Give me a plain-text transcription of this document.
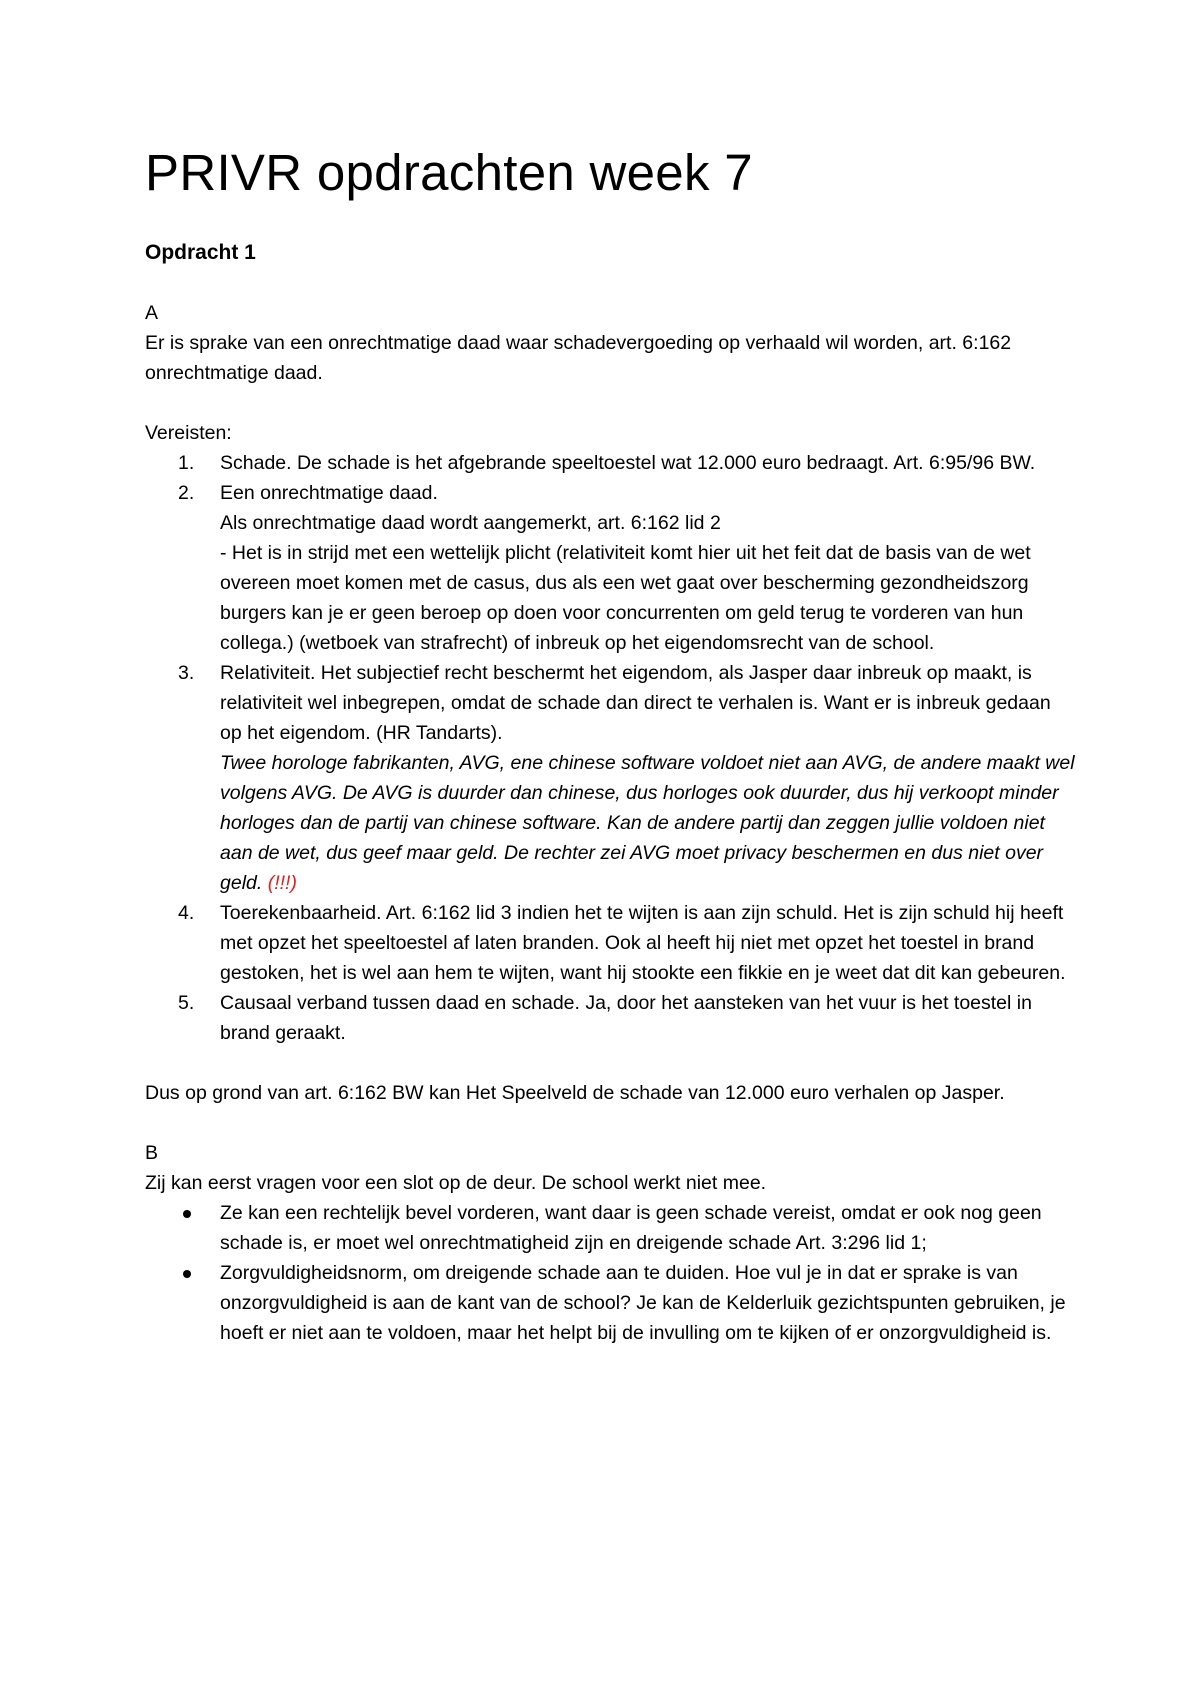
PRIVR opdrachten week 7
Opdracht 1
A
Er is sprake van een onrechtmatige daad waar schadevergoeding op verhaald wil worden, art. 6:162 onrechtmatige daad.
Vereisten:
1. Schade. De schade is het afgebrande speeltoestel wat 12.000 euro bedraagt. Art. 6:95/96 BW.
2. Een onrechtmatige daad.
Als onrechtmatige daad wordt aangemerkt, art. 6:162 lid 2
- Het is in strijd met een wettelijk plicht (relativiteit komt hier uit het feit dat de basis van de wet overeen moet komen met de casus, dus als een wet gaat over bescherming gezondheidszorg burgers kan je er geen beroep op doen voor concurrenten om geld terug te vorderen van hun collega.) (wetboek van strafrecht) of inbreuk op het eigendomsrecht van de school.
3. Relativiteit. Het subjectief recht beschermt het eigendom, als Jasper daar inbreuk op maakt, is relativiteit wel inbegrepen, omdat de schade dan direct te verhalen is. Want er is inbreuk gedaan op het eigendom. (HR Tandarts).
Twee horologe fabrikanten, AVG, ene chinese software voldoet niet aan AVG, de andere maakt wel volgens AVG. De AVG is duurder dan chinese, dus horloges ook duurder, dus hij verkoopt minder horloges dan de partij van chinese software. Kan de andere partij dan zeggen jullie voldoen niet aan de wet, dus geef maar geld. De rechter zei AVG moet privacy beschermen en dus niet over geld. (!!!)
4. Toerekenbaarheid. Art. 6:162 lid 3 indien het te wijten is aan zijn schuld. Het is zijn schuld hij heeft met opzet het speeltoestel af laten branden. Ook al heeft hij niet met opzet het toestel in brand gestoken, het is wel aan hem te wijten, want hij stookte een fikkie en je weet dat dit kan gebeuren.
5. Causaal verband tussen daad en schade. Ja, door het aansteken van het vuur is het toestel in brand geraakt.
Dus op grond van art. 6:162 BW kan Het Speelveld de schade van 12.000 euro verhalen op Jasper.
B
Zij kan eerst vragen voor een slot op de deur. De school werkt niet mee.
Ze kan een rechtelijk bevel vorderen, want daar is geen schade vereist, omdat er ook nog geen schade is, er moet wel onrechtmatigheid zijn en dreigende schade Art. 3:296 lid 1;
Zorgvuldigheidsnorm, om dreigende schade aan te duiden. Hoe vul je in dat er sprake is van onzorgvuldigheid is aan de kant van de school? Je kan de Kelderluik gezichtspunten gebruiken, je hoeft er niet aan te voldoen, maar het helpt bij de invulling om te kijken of er onzorgvuldigheid is.
